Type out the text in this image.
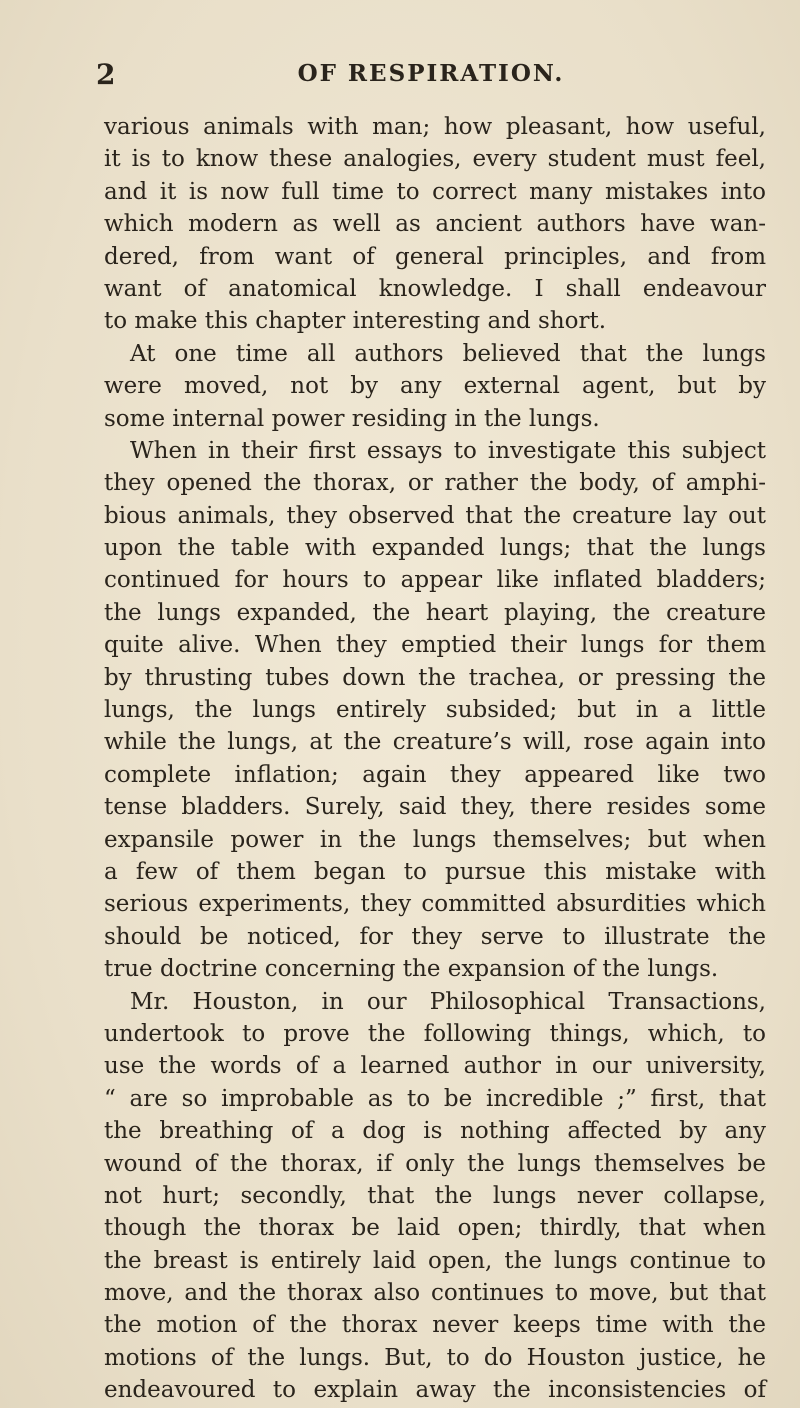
2	OF RESPIRATION.
various animals with man; how pleasant, how useful,
it is to know these analogies, every student must feel,
and it is now full time to correct many mistakes into
which modern as well as ancient authors have wan-
dered, from want of general principles, and from
want of anatomical knowledge. I shall endeavour
to make this chapter interesting and short.
At one time all authors believed that the lungs
were moved, not by any external agent, but by
some internal power residing in the lungs.
When in their first essays to investigate this subject
they opened the thorax, or rather the body, of amphi-
bious animals, they observed that the creature lay out
upon the table with expanded lungs; that the lungs
continued for hours to appear like inflated bladders;
the lungs expanded, the heart playing, the creature
quite alive. When they emptied their lungs for them
by thrusting tubes down the trachea, or pressing the
lungs, the lungs entirely subsided; but in a little
while the lungs, at the creature’s will, rose again into
complete inflation; again they appeared like two
tense bladders. Surely, said they, there resides some
expansile power in the lungs themselves; but when
a few of them began to pursue this mistake with
serious experiments, they committed absurdities which
should be noticed, for they serve to illustrate the
true doctrine concerning the expansion of the lungs.
Mr. Houston, in our Philosophical Transactions,
undertook to prove the following things, which, to
use the words of a learned author in our university,
“ are so improbable as to be incredible ;” first, that
the breathing of a dog is nothing affected by any
wound of the thorax, if only the lungs themselves be
not hurt; secondly, that the lungs never collapse,
though the thorax be laid open; thirdly, that when
the breast is entirely laid open, the lungs continue to
move, and the thorax also continues to move, but that
the motion of the thorax never keeps time with the
motions of the lungs. But, to do Houston justice, he
endeavoured to explain away the inconsistencies of
